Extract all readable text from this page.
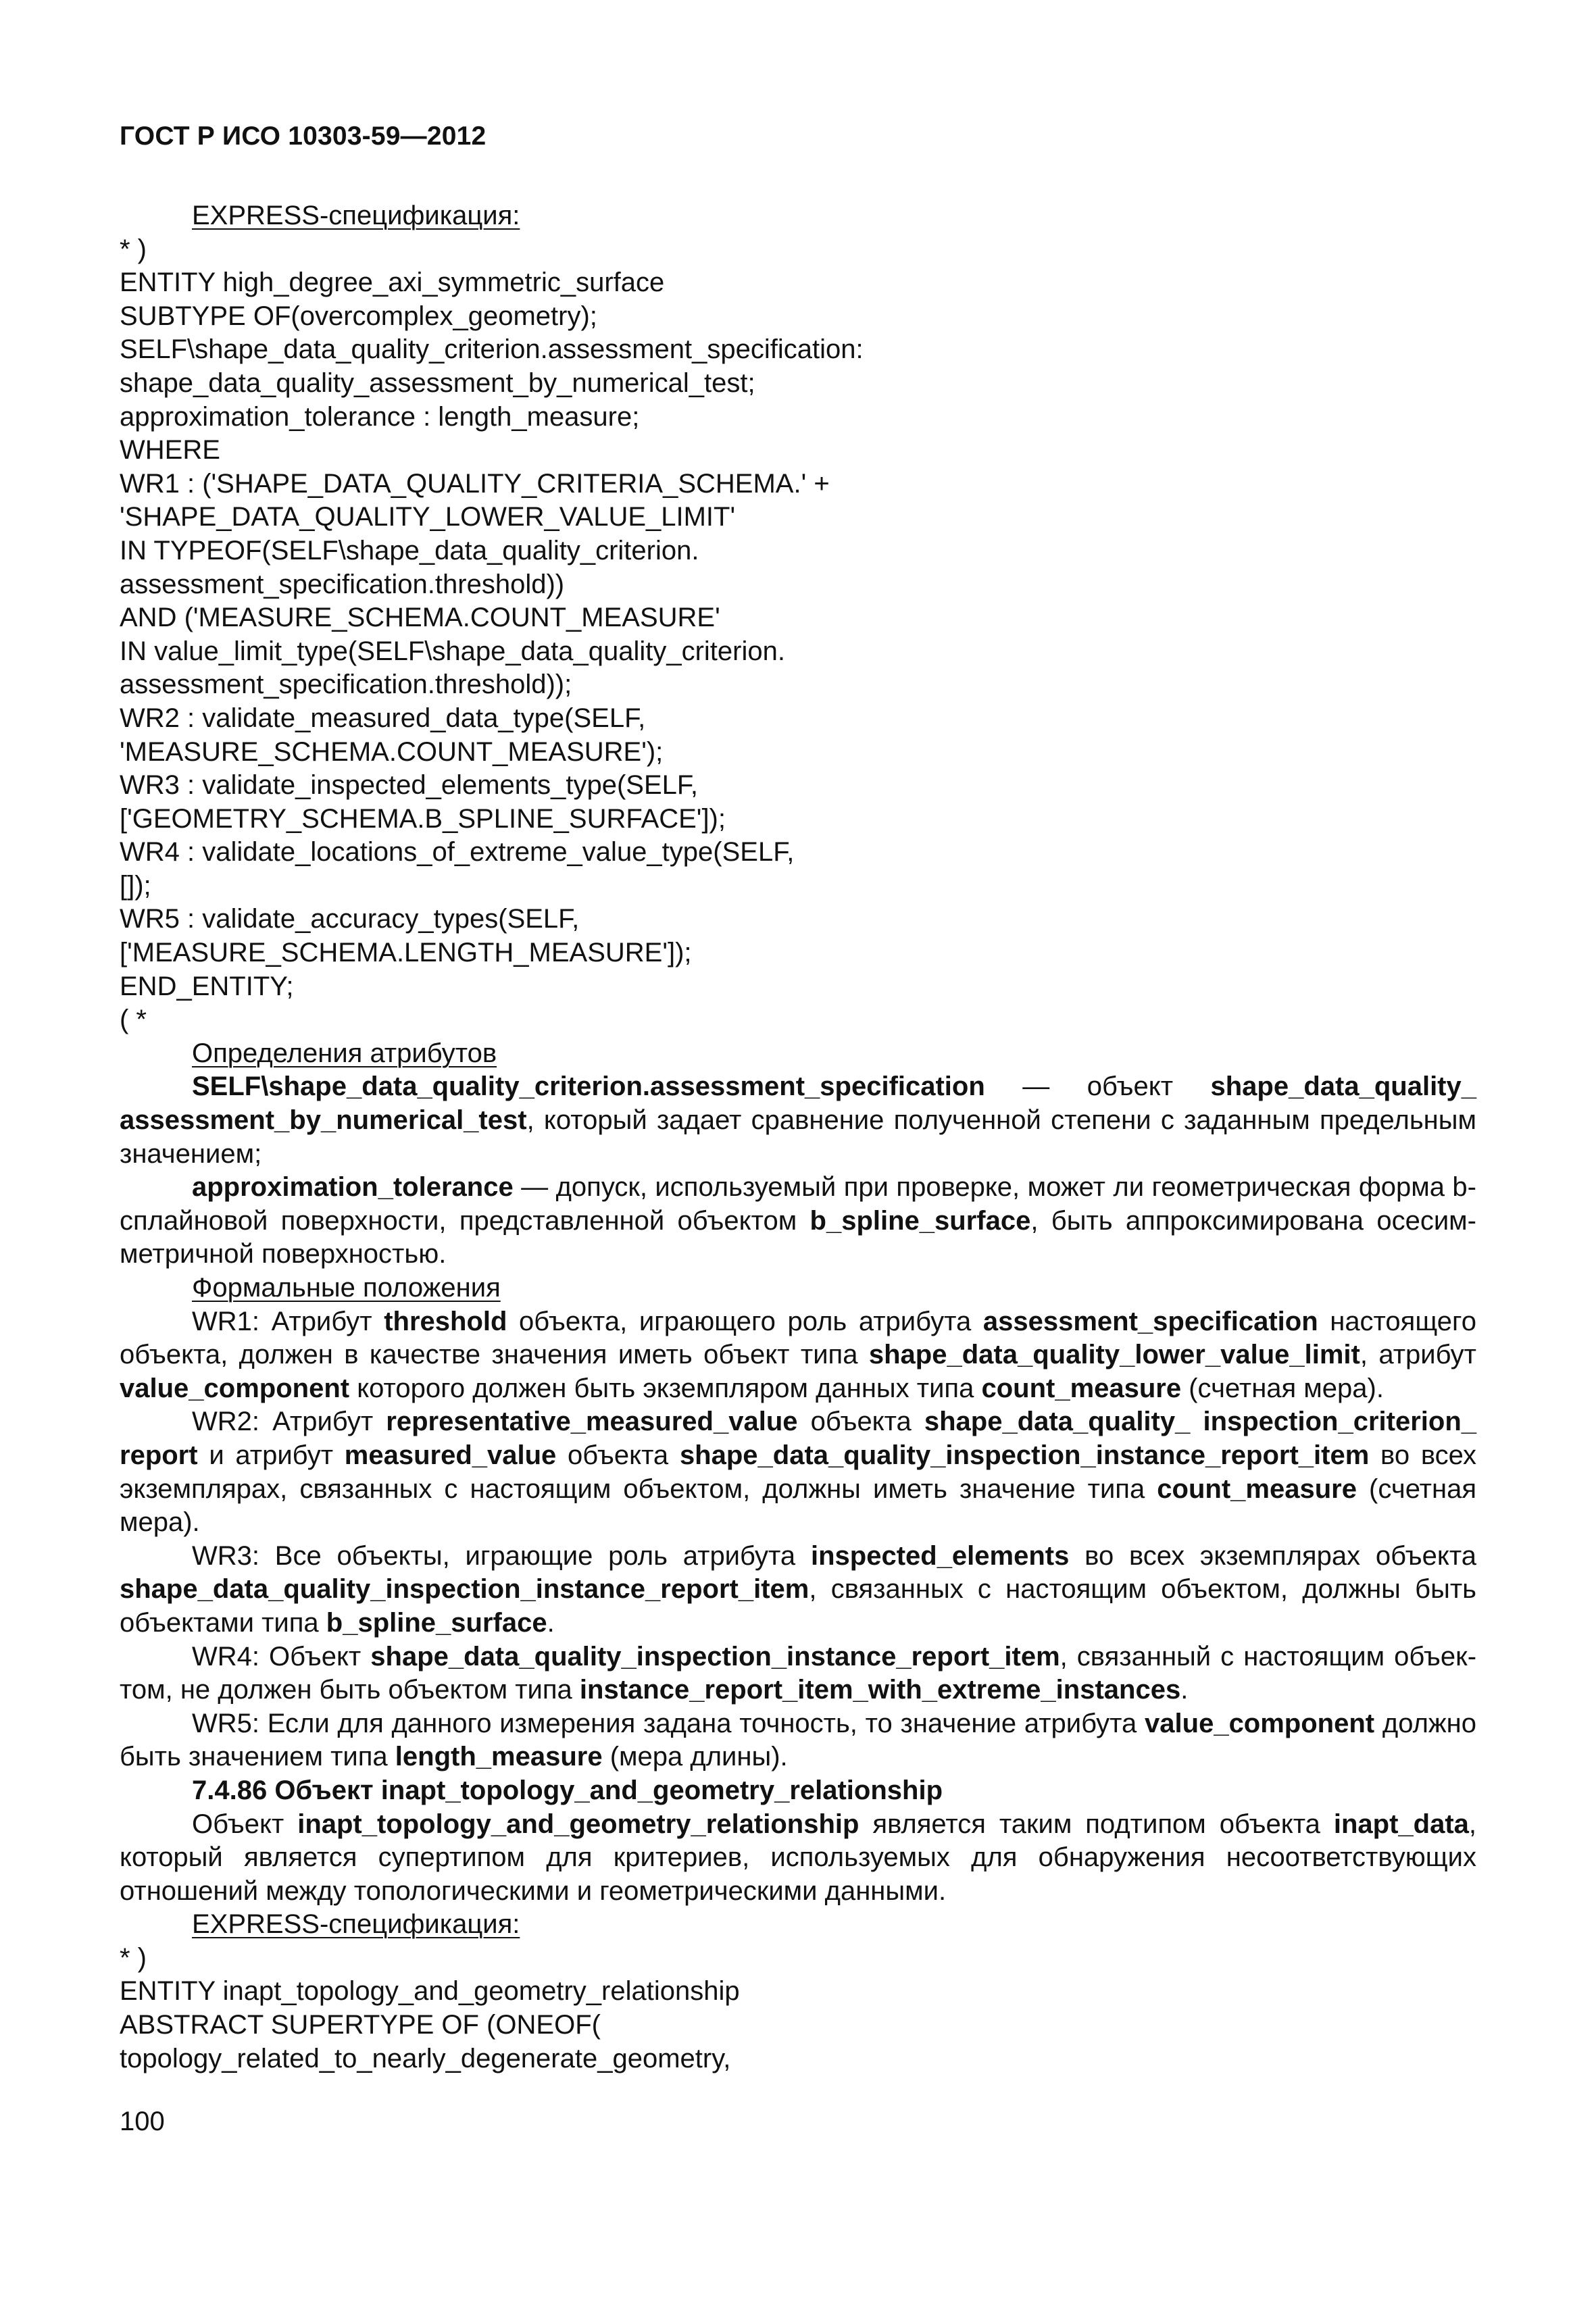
ГОСТ Р ИСО 10303-59—2012
EXPRESS-спецификация:
* )
ENTITY high_degree_axi_symmetric_surface
SUBTYPE OF(overcomplex_geometry);
SELF\shape_data_quality_criterion.assessment_specification:
shape_data_quality_assessment_by_numerical_test;
approximation_tolerance : length_measure;
WHERE
WR1 : ('SHAPE_DATA_QUALITY_CRITERIA_SCHEMA.' +
'SHAPE_DATA_QUALITY_LOWER_VALUE_LIMIT'
IN TYPEOF(SELF\shape_data_quality_criterion.
assessment_specification.threshold))
AND ('MEASURE_SCHEMA.COUNT_MEASURE'
IN value_limit_type(SELF\shape_data_quality_criterion.
assessment_specification.threshold));
WR2 : validate_measured_data_type(SELF,
'MEASURE_SCHEMA.COUNT_MEASURE');
WR3 : validate_inspected_elements_type(SELF,
['GEOMETRY_SCHEMA.B_SPLINE_SURFACE']);
WR4 : validate_locations_of_extreme_value_type(SELF,
[]);
WR5 : validate_accuracy_types(SELF,
['MEASURE_SCHEMA.LENGTH_MEASURE']);
END_ENTITY;
( *
Определения атрибутов
SELF\shape_data_quality_criterion.assessment_specification — объект shape_data_quality_ assessment_by_numerical_test, который задает сравнение полученной степени с заданным предельным значением;
approximation_tolerance — допуск, используемый при проверке, может ли геометрическая форма b-сплайновой поверхности, представленной объектом b_spline_surface, быть аппроксимирована осесимметричной поверхностью.
Формальные положения
WR1: Атрибут threshold объекта, играющего роль атрибута assessment_specification настоящего объекта, должен в качестве значения иметь объект типа shape_data_quality_lower_value_limit, атрибут value_component которого должен быть экземпляром данных типа count_measure (счетная мера).
WR2: Атрибут representative_measured_value объекта shape_data_quality_ inspection_criterion_ report и атрибут measured_value объекта shape_data_quality_inspection_instance_report_item во всех экземплярах, связанных с настоящим объектом, должны иметь значение типа count_measure (счетная мера).
WR3: Все объекты, играющие роль атрибута inspected_elements во всех экземплярах объекта shape_data_quality_inspection_instance_report_item, связанных с настоящим объектом, должны быть объектами типа b_spline_surface.
WR4: Объект shape_data_quality_inspection_instance_report_item, связанный с настоящим объектом, не должен быть объектом типа instance_report_item_with_extreme_instances.
WR5: Если для данного измерения задана точность, то значение атрибута value_component должно быть значением типа length_measure (мера длины).
7.4.86 Объект inapt_topology_and_geometry_relationship
Объект inapt_topology_and_geometry_relationship является таким подтипом объекта inapt_data, который является супертипом для критериев, используемых для обнаружения несоответствующих отношений между топологическими и геометрическими данными.
EXPRESS-спецификация:
* )
ENTITY inapt_topology_and_geometry_relationship
ABSTRACT SUPERTYPE OF (ONEOF(
topology_related_to_nearly_degenerate_geometry,
100
